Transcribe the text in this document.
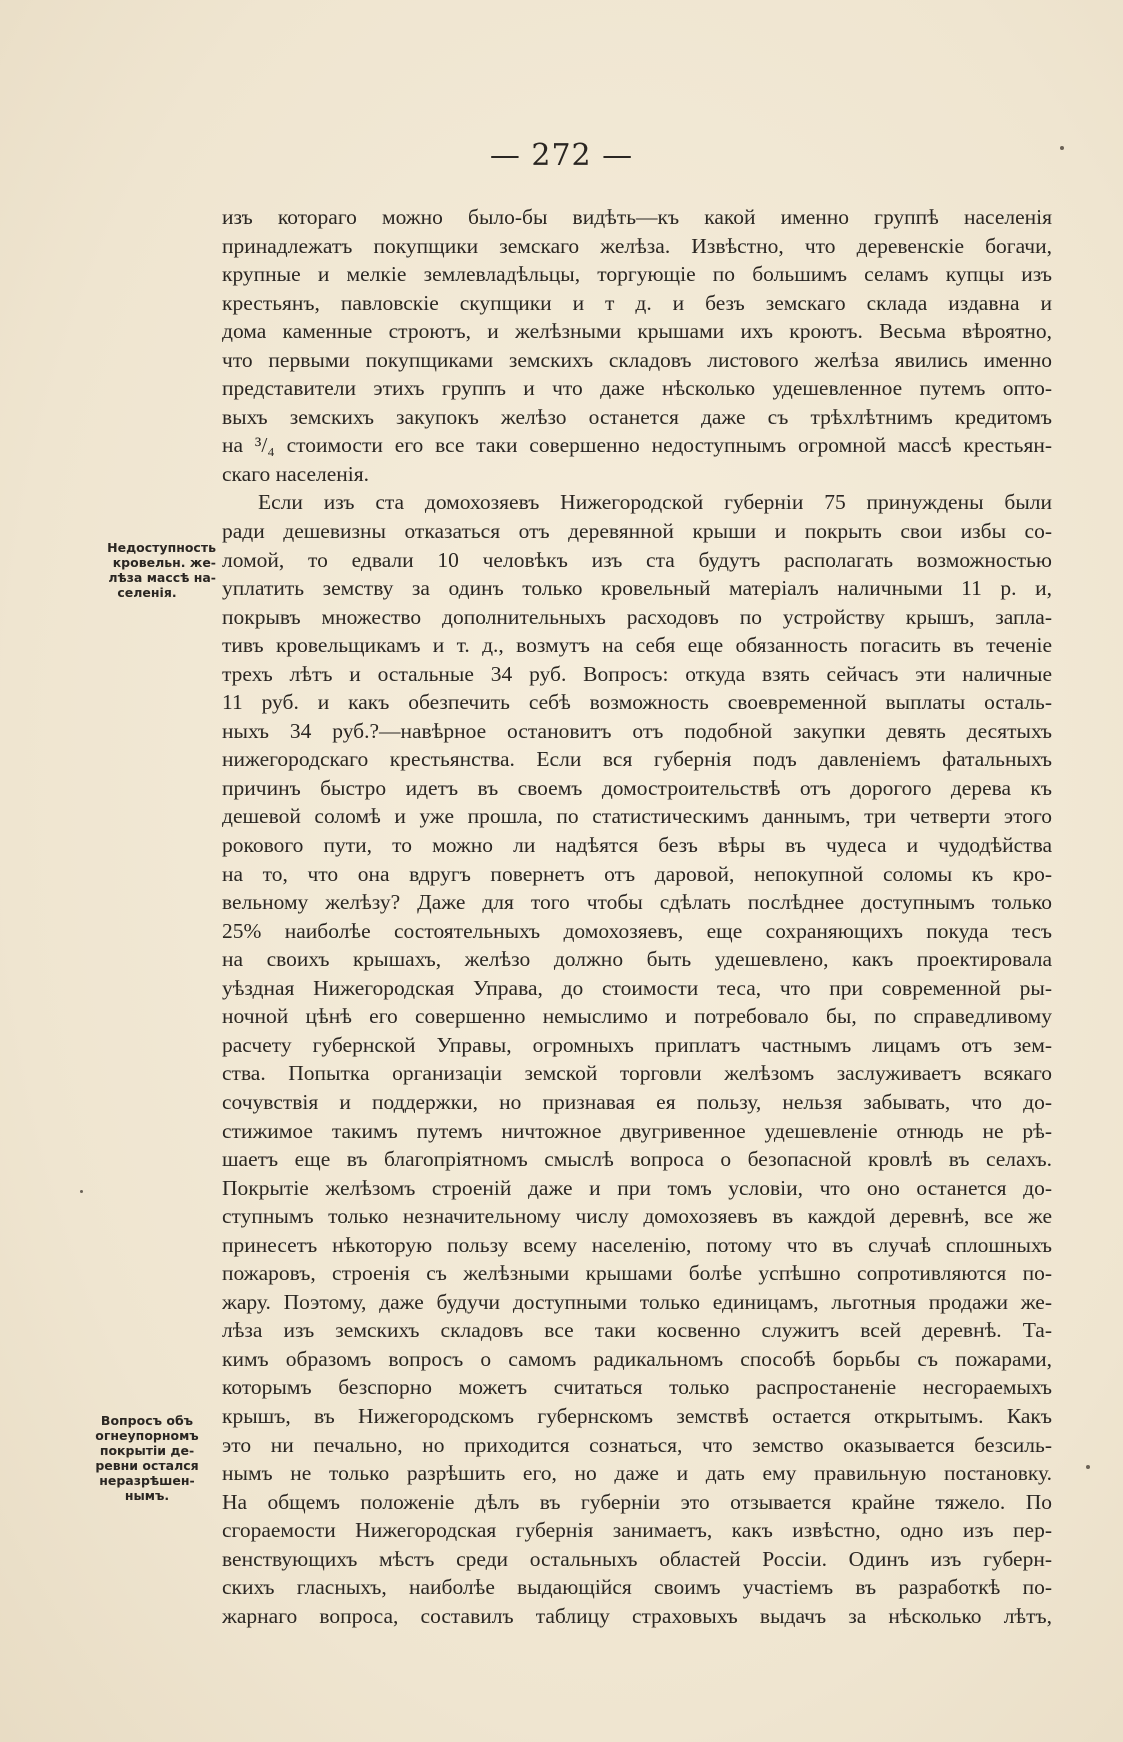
— 272 —
Недоступность
кровельн. же-
лѣза массѣ на-
селенія.
Вопросъ объ
огнеупорномъ
покрытіи де-
ревни остался
неразрѣшен-
нымъ.
изъ котораго можно было-бы видѣть—къ какой именно группѣ населенія
принадлежатъ покупщики земскаго желѣза. Извѣстно, что деревенскіе богачи,
крупные и мелкіе землевладѣльцы, торгующіе по большимъ селамъ купцы изъ
крестьянъ, павловскіе скупщики и т д. и безъ земскаго склада издавна и
дома каменные строютъ, и желѣзными крышами ихъ кроютъ. Весьма вѣроятно,
что первыми покупщиками земскихъ складовъ листового желѣза явились именно
представители этихъ группъ и что даже нѣсколько удешевленное путемъ опто-
выхъ земскихъ закупокъ желѣзо останется даже съ трѣхлѣтнимъ кредитомъ
на ³/₄ стоимости его все таки совершенно недоступнымъ огромной массѣ крестьян-
скаго населенія.
Если изъ ста домохозяевъ Нижегородской губерніи 75 принуждены были
ради дешевизны отказаться отъ деревянной крыши и покрыть свои избы со-
ломой, то едвали 10 человѣкъ изъ ста будутъ располагать возможностью
уплатить земству за одинъ только кровельный матеріалъ наличными 11 р. и,
покрывъ множество дополнительныхъ расходовъ по устройству крышъ, запла-
тивъ кровельщикамъ и т. д., возмутъ на себя еще обязанность погасить въ теченіе
трехъ лѣтъ и остальные 34 руб. Вопросъ: откуда взять сейчасъ эти наличные
11 руб. и какъ обезпечить себѣ возможность своевременной выплаты осталь-
ныхъ 34 руб.?—навѣрное остановитъ отъ подобной закупки девять десятыхъ
нижегородскаго крестьянства. Если вся губернія подъ давленіемъ фатальныхъ
причинъ быстро идетъ въ своемъ домостроительствѣ отъ дорогого дерева къ
дешевой соломѣ и уже прошла, по статистическимъ даннымъ, три четверти этого
рокового пути, то можно ли надѣятся безъ вѣры въ чудеса и чудодѣйства
на то, что она вдругъ повернетъ отъ даровой, непокупной соломы къ кро-
вельному желѣзу? Даже для того чтобы сдѣлать послѣднее доступнымъ только
25% наиболѣе состоятельныхъ домохозяевъ, еще сохраняющихъ покуда тесъ
на своихъ крышахъ, желѣзо должно быть удешевлено, какъ проектировала
уѣздная Нижегородская Управа, до стоимости теса, что при современной ры-
ночной цѣнѣ его совершенно немыслимо и потребовало бы, по справедливому
расчету губернской Управы, огромныхъ приплатъ частнымъ лицамъ отъ зем-
ства. Попытка организаціи земской торговли желѣзомъ заслуживаетъ всякаго
сочувствія и поддержки, но признавая ея пользу, нельзя забывать, что до-
стижимое такимъ путемъ ничтожное двугривенное удешевленіе отнюдь не рѣ-
шаетъ еще въ благопріятномъ смыслѣ вопроса о безопасной кровлѣ въ селахъ.
Покрытіе желѣзомъ строеній даже и при томъ условіи, что оно останется до-
ступнымъ только незначительному числу домохозяевъ въ каждой деревнѣ, все же
принесетъ нѣкоторую пользу всему населенію, потому что въ случаѣ сплошныхъ
пожаровъ, строенія съ желѣзными крышами болѣе успѣшно сопротивляются по-
жару. Поэтому, даже будучи доступными только единицамъ, льготныя продажи же-
лѣза изъ земскихъ складовъ все таки косвенно служитъ всей деревнѣ. Та-
кимъ образомъ вопросъ о самомъ радикальномъ способѣ борьбы съ пожарами,
которымъ безспорно можетъ считаться только распростаненіе несгораемыхъ
крышъ, въ Нижегородскомъ губернскомъ земствѣ остается открытымъ. Какъ
это ни печально, но приходится сознаться, что земство оказывается безсиль-
нымъ не только разрѣшить его, но даже и дать ему правильную постановку.
На общемъ положеніе дѣлъ въ губерніи это отзывается крайне тяжело. По
сгораемости Нижегородская губернія занимаетъ, какъ извѣстно, одно изъ пер-
венствующихъ мѣстъ среди остальныхъ областей Россіи. Одинъ изъ губерн-
скихъ гласныхъ, наиболѣе выдающійся своимъ участіемъ въ разработкѣ по-
жарнаго вопроса, составилъ таблицу страховыхъ выдачъ за нѣсколько лѣтъ,
